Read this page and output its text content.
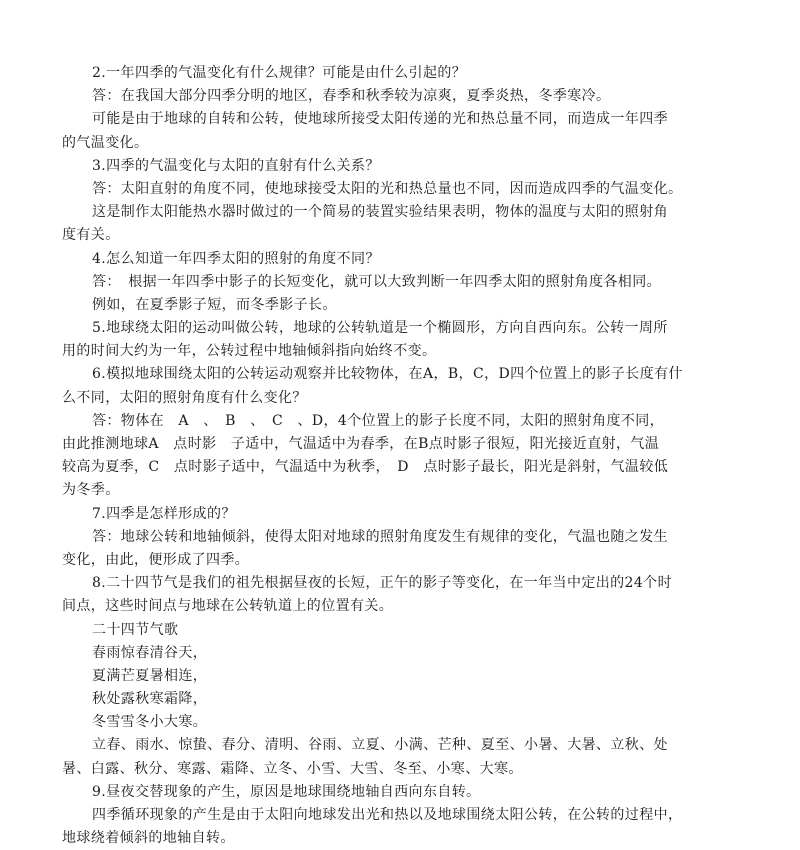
2.一年四季的气温变化有什么规律？可能是由什么引起的？
答：在我国大部分四季分明的地区，春季和秋季较为凉爽，夏季炎热，冬季寒冷。
可能是由于地球的自转和公转，使地球所接受太阳传递的光和热总量不同，而造成一年四季
的气温变化。
3.四季的气温变化与太阳的直射有什么关系？
答：太阳直射的角度不同，使地球接受太阳的光和热总量也不同，因而造成四季的气温变化。
这是制作太阳能热水器时做过的一个简易的装置实验结果表明，物体的温度与太阳的照射角
度有关。
4.怎么知道一年四季太阳的照射的角度不同？
答：　根据一年四季中影子的长短变化，就可以大致判断一年四季太阳的照射角度各相同。
例如，在夏季影子短，而冬季影子长。
5.地球绕太阳的运动叫做公转，地球的公转轨道是一个椭圆形，方向自西向东。公转一周所
用的时间大约为一年，公转过程中地轴倾斜指向始终不变。
6.模拟地球围绕太阳的公转运动观察并比较物体，在A，B，C，D四个位置上的影子长度有什
么不同，太阳的照射角度有什么变化？
答：物体在　A　、　B　、　C　、D，4个位置上的影子长度不同，太阳的照射角度不同，
由此推测地球A　点时影　子适中，气温适中为春季，在B点时影子很短，阳光接近直射，气温
较高为夏季，C　点时影子适中，气温适中为秋季，　D　点时影子最长，阳光是斜射，气温较低
为冬季。
7.四季是怎样形成的？
答：地球公转和地轴倾斜，使得太阳对地球的照射角度发生有规律的变化，气温也随之发生
变化，由此，便形成了四季。
8.二十四节气是我们的祖先根据昼夜的长短，正午的影子等变化，在一年当中定出的24个时
间点，这些时间点与地球在公转轨道上的位置有关。
二十四节气歌
春雨惊春清谷天，
夏满芒夏暑相连，
秋处露秋寒霜降，
冬雪雪冬小大寒。
立春、雨水、惊蛰、春分、清明、谷雨、立夏、小满、芒种、夏至、小暑、大暑、立秋、处
暑、白露、秋分、寒露、霜降、立冬、小雪、大雪、冬至、小寒、大寒。
9.昼夜交替现象的产生，原因是地球围绕地轴自西向东自转。
四季循环现象的产生是由于太阳向地球发出光和热以及地球围绕太阳公转，在公转的过程中，
地球绕着倾斜的地轴自转。
